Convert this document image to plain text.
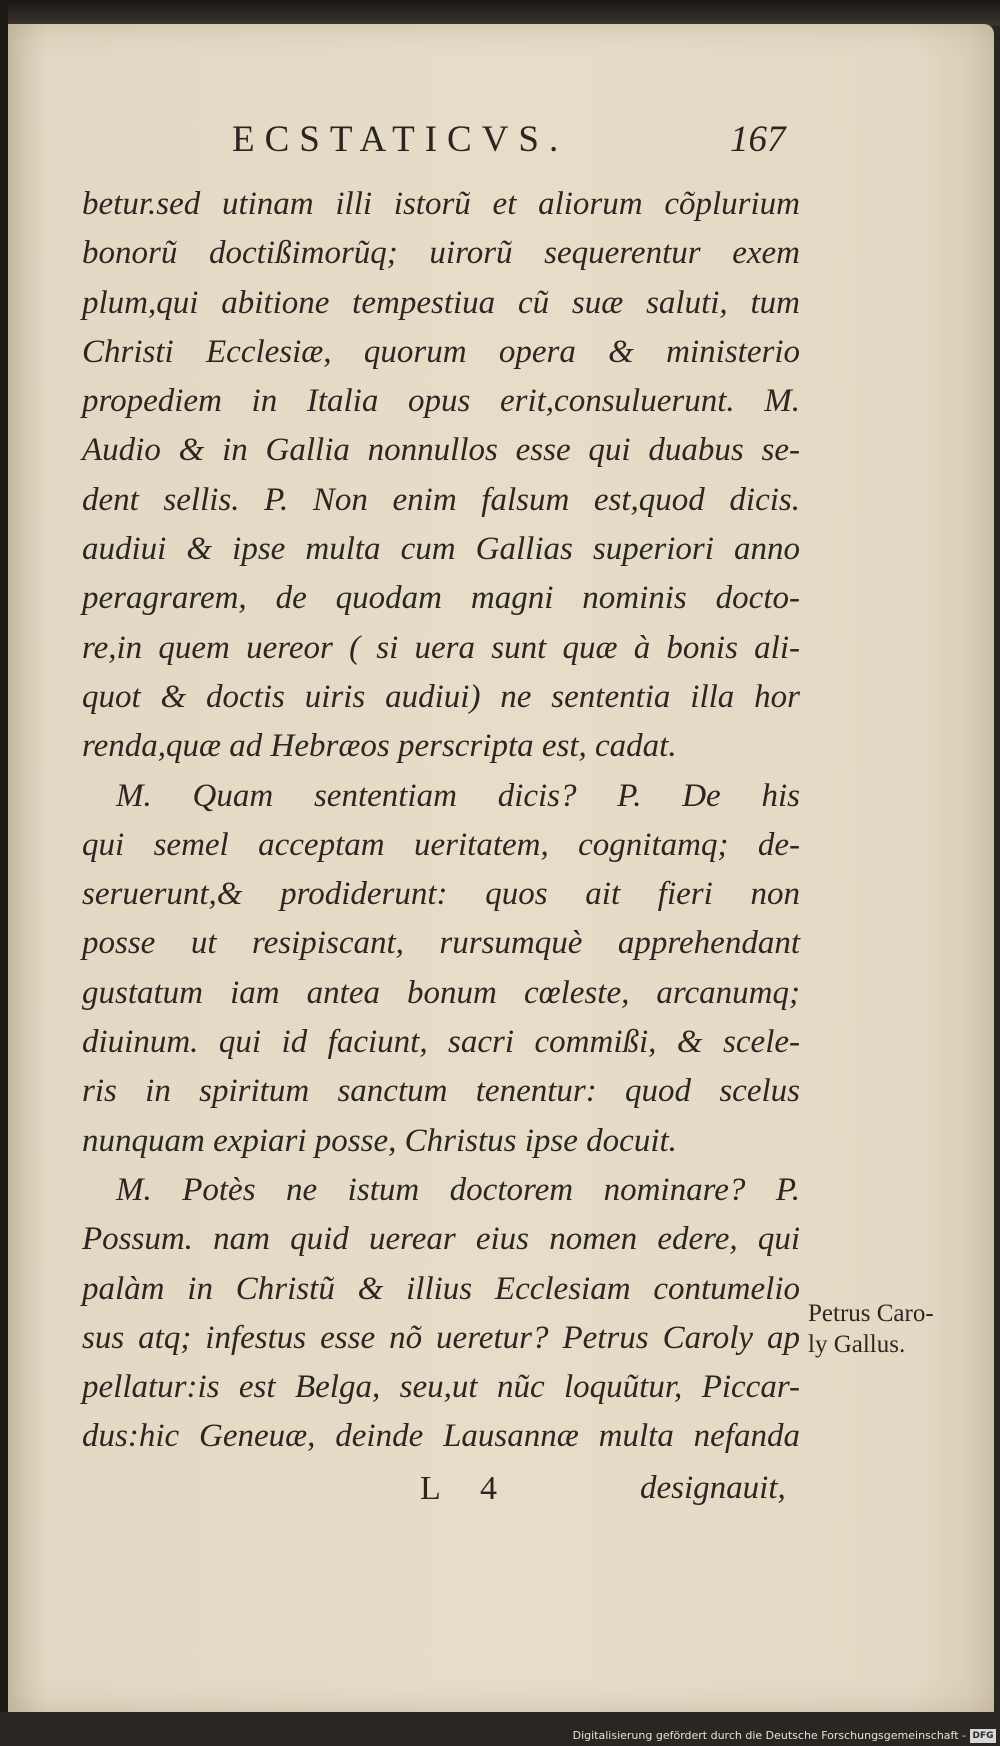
ECSTATICVS.	167
betur.sed utinam illi istorũ et aliorum cõplurium
bonorũ doctißimorũq; uirorũ sequerentur exem
plum,qui abitione tempestiua cũ suæ saluti, tum
Christi Ecclesiæ, quorum opera & ministerio
propediem in Italia opus erit,consuluerunt. M.
Audio & in Gallia nonnullos esse qui duabus se-
dent sellis. P. Non enim falsum est,quod dicis.
audiui & ipse multa cum Gallias superiori anno
peragrarem, de quodam magni nominis docto-
re,in quem uereor ( si uera sunt quæ à bonis ali-
quot & doctis uiris audiui) ne sententia illa hor
renda,quæ ad Hebræos perscripta est, cadat.
M. Quam sententiam dicis? P. De his
qui semel acceptam ueritatem, cognitamq; de-
seruerunt,& prodiderunt: quos ait fieri non
posse ut resipiscant, rursumquè apprehendant
gustatum iam antea bonum cœleste, arcanumq;
diuinum. qui id faciunt, sacri commißi, & scele-
ris in spiritum sanctum tenentur: quod scelus
nunquam expiari posse, Christus ipse docuit.
M. Potès ne istum doctorem nominare? P.
Possum. nam quid uerear eius nomen edere, qui
palàm in Christũ & illius Ecclesiam contumelio
sus atq; infestus esse nõ ueretur? Petrus Caroly ap
pellatur:is est Belga, seu,ut nũc loquũtur, Piccar-
dus:hic Geneuæ, deinde Lausannæ multa nefanda
Petrus Caro-
ly Gallus.
L 4	designauit,
Digitalisierung gefördert durch die Deutsche Forschungsgemeinschaft - DFG
